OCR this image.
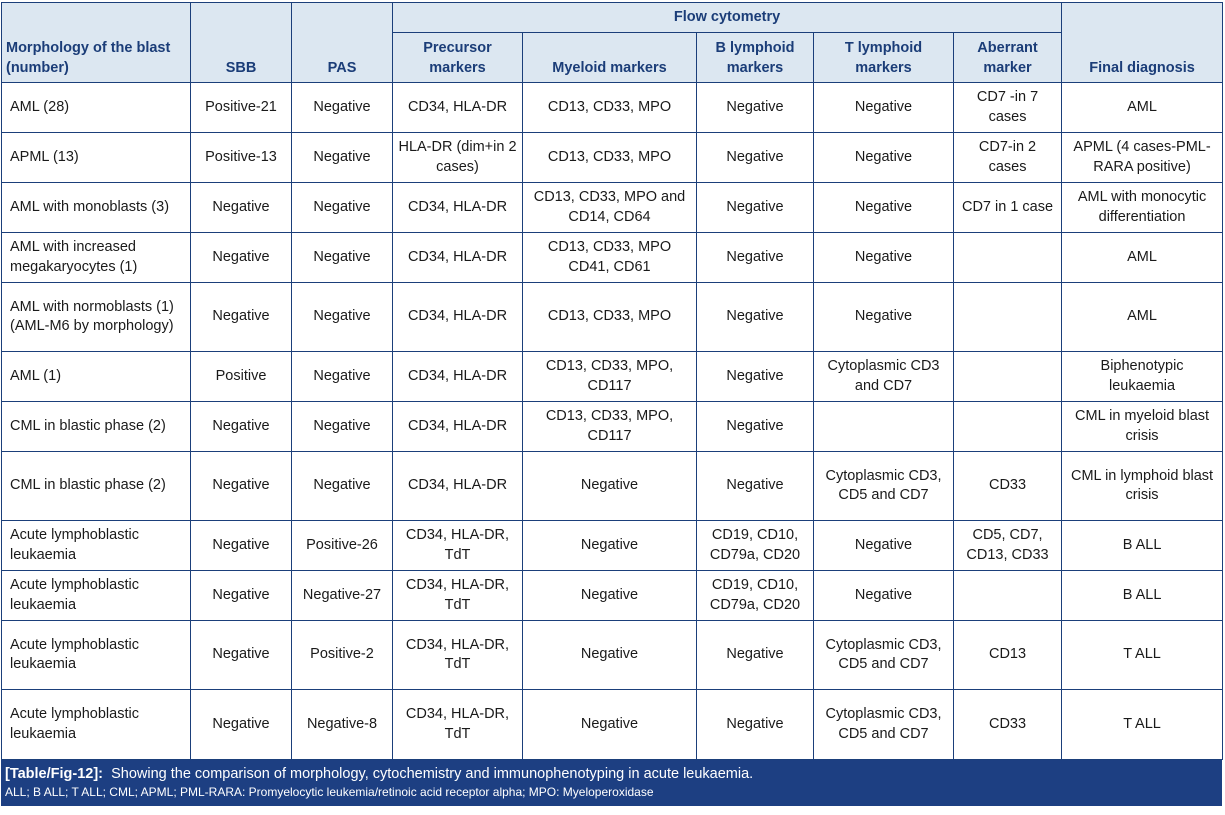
Morphology of the blast (number)	SBB	PAS	Flow cytometry					Final diagnosis
			Precursor markers	Myeloid markers	B lymphoid markers	T lymphoid markers	Aberrant marker	
AML (28)	Positive-21	Negative	CD34, HLA-DR	CD13, CD33, MPO	Negative	Negative	CD7 -in 7 cases	AML
APML (13)	Positive-13	Negative	HLA-DR (dim+in 2 cases)	CD13, CD33, MPO	Negative	Negative	CD7-in 2 cases	APML (4 cases-PML-RARA positive)
AML with monoblasts (3)	Negative	Negative	CD34, HLA-DR	CD13, CD33, MPO and CD14, CD64	Negative	Negative	CD7 in 1 case	AML with monocytic differentiation
AML with increased megakaryocytes (1)	Negative	Negative	CD34, HLA-DR	CD13, CD33, MPO CD41, CD61	Negative	Negative		AML
AML with normoblasts (1) (AML-M6 by morphology)	Negative	Negative	CD34, HLA-DR	CD13, CD33, MPO	Negative	Negative		AML
AML (1)	Positive	Negative	CD34, HLA-DR	CD13, CD33, MPO, CD117	Negative	Cytoplasmic CD3 and CD7		Biphenotypic leukaemia
CML in blastic phase (2)	Negative	Negative	CD34, HLA-DR	CD13, CD33, MPO, CD117	Negative			CML in myeloid blast crisis
CML in blastic phase (2)	Negative	Negative	CD34, HLA-DR	Negative	Negative	Cytoplasmic CD3, CD5 and CD7	CD33	CML in lymphoid blast crisis
Acute lymphoblastic leukaemia	Negative	Positive-26	CD34, HLA-DR, TdT	Negative	CD19, CD10, CD79a, CD20	Negative	CD5, CD7, CD13, CD33	B ALL
Acute lymphoblastic leukaemia	Negative	Negative-27	CD34, HLA-DR, TdT	Negative	CD19, CD10, CD79a, CD20	Negative		B ALL
Acute lymphoblastic leukaemia	Negative	Positive-2	CD34, HLA-DR, TdT	Negative	Negative	Cytoplasmic CD3, CD5 and CD7	CD13	T ALL
Acute lymphoblastic leukaemia	Negative	Negative-8	CD34, HLA-DR, TdT	Negative	Negative	Cytoplasmic CD3, CD5 and CD7	CD33	T ALL
[Table/Fig-12]: Showing the comparison of morphology, cytochemistry and immunophenotyping in acute leukaemia.
ALL; B ALL; T ALL; CML; APML; PML-RARA: Promyelocytic leukemia/retinoic acid receptor alpha; MPO: Myeloperoxidase
